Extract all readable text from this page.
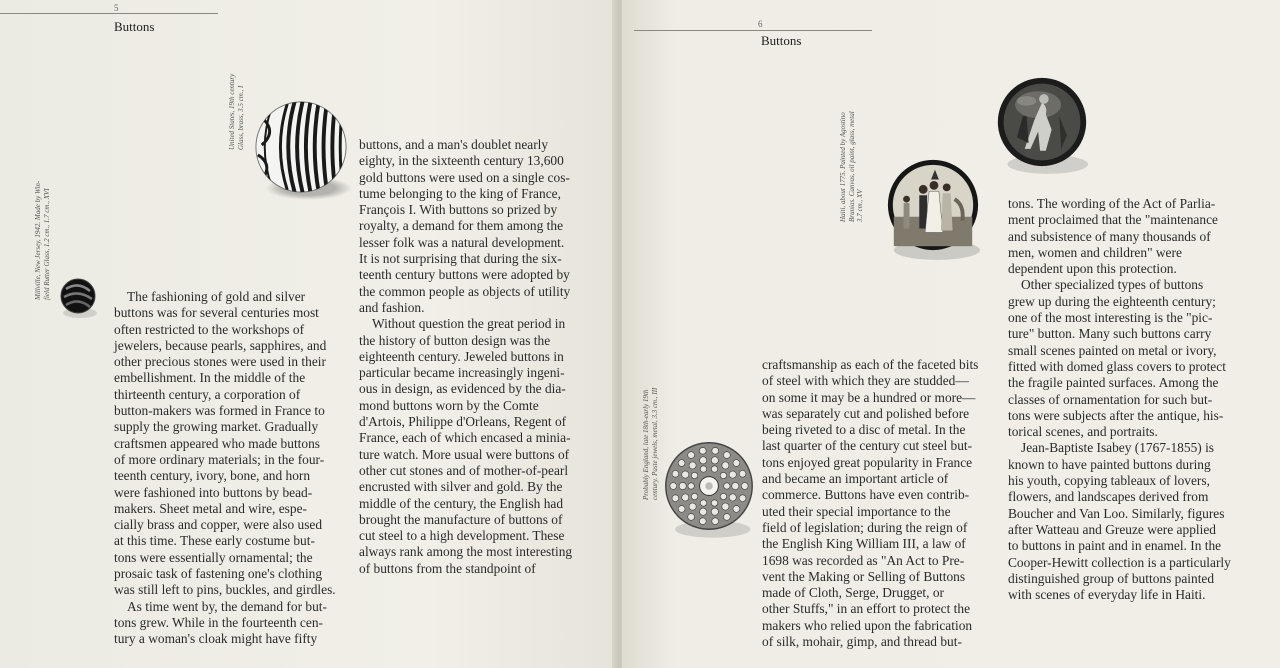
5
Buttons
United States, 19th century Glass, brass, 3.5 cm., I
Millville, New Jersey, 1942. Made by Win- field Rutter Glass, 1.2 cm., 1.7 cm., XVI	The fashioning of gold and silver
buttons was for several centuries most
often restricted to the workshops of
jewelers, because pearls, sapphires, and
other precious stones were used in their
embellishment. In the middle of the
thirteenth century, a corporation of
button-makers was formed in France to
supply the growing market. Gradually
craftsmen appeared who made buttons
of more ordinary materials; in the four-
teenth century, ivory, bone, and horn
were fashioned into buttons by bead-
makers. Sheet metal and wire, espe-
cially brass and copper, were also used
at this time. These early costume but-
tons were essentially ornamental; the
prosaic task of fastening one's clothing
was still left to pins, buckles, and girdles.
As time went by, the demand for but-
tons grew. While in the fourteenth cen-
tury a woman's cloak might have fifty
buttons, and a man's doublet nearly
eighty, in the sixteenth century 13,600
gold buttons were used on a single cos-
tume belonging to the king of France,
François I. With buttons so prized by
royalty, a demand for them among the
lesser folk was a natural development.
It is not surprising that during the six-
teenth century buttons were adopted by
the common people as objects of utility
and fashion.
Without question the great period in
the history of button design was the
eighteenth century. Jeweled buttons in
particular became increasingly ingeni-
ous in design, as evidenced by the dia-
mond buttons worn by the Comte
d'Artois, Philippe d'Orleans, Regent of
France, each of which encased a minia-
ture watch. More usual were buttons of
other cut stones and of mother-of-pearl
encrusted with silver and gold. By the
middle of the century, the English had
brought the manufacture of buttons of
cut steel to a high development. These
always rank among the most interesting
of buttons from the standpoint of
6
Buttons
Haiti, about 1775. Painted by Agostino Brunias. Canvas, oil paint, glass, metal 3.7 cm., XV
Probably England, late 18th-early 19th century. Paste jewels, metal, 3.3 cm., III
craftsmanship as each of the faceted bits
of steel with which they are studded—
on some it may be a hundred or more—
was separately cut and polished before
being riveted to a disc of metal. In the
last quarter of the century cut steel but-
tons enjoyed great popularity in France
and became an important article of
commerce. Buttons have even contrib-
uted their special importance to the
field of legislation; during the reign of
the English King William III, a law of
1698 was recorded as "An Act to Pre-
vent the Making or Selling of Buttons
made of Cloth, Serge, Drugget, or
other Stuffs," in an effort to protect the
makers who relied upon the fabrication
of silk, mohair, gimp, and thread but-
tons. The wording of the Act of Parlia-
ment proclaimed that the "maintenance
and subsistence of many thousands of
men, women and children" were
dependent upon this protection.
Other specialized types of buttons
grew up during the eighteenth century;
one of the most interesting is the "pic-
ture" button. Many such buttons carry
small scenes painted on metal or ivory,
fitted with domed glass covers to protect
the fragile painted surfaces. Among the
classes of ornamentation for such but-
tons were subjects after the antique, his-
torical scenes, and portraits.
Jean-Baptiste Isabey (1767-1855) is
known to have painted buttons during
his youth, copying tableaux of lovers,
flowers, and landscapes derived from
Boucher and Van Loo. Similarly, figures
after Watteau and Greuze were applied
to buttons in paint and in enamel. In the
Cooper-Hewitt collection is a particularly
distinguished group of buttons painted
with scenes of everyday life in Haiti.
